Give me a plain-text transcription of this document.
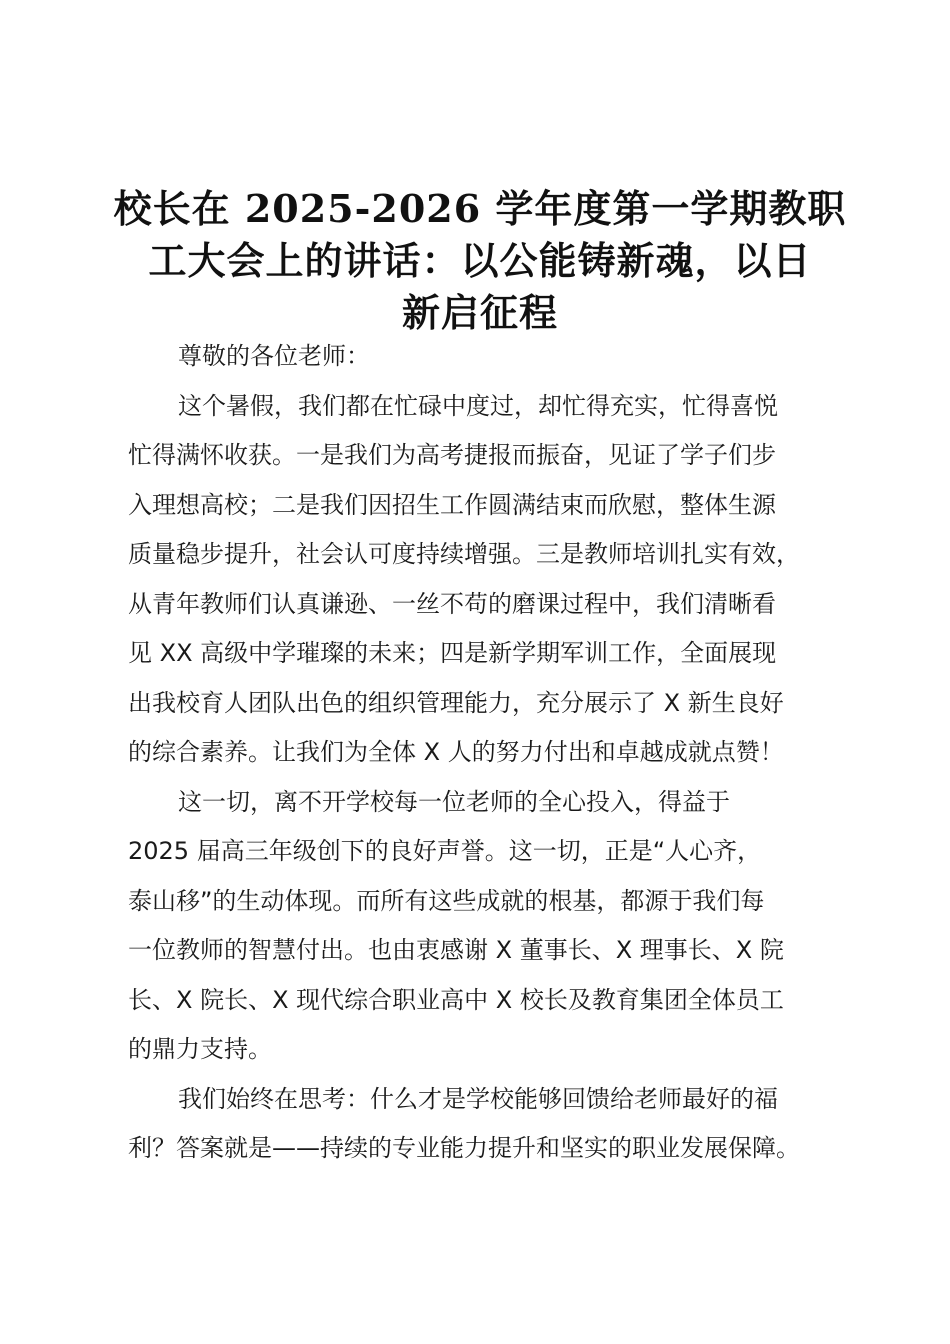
校长在 2025-2026 学年度第一学期教职
工大会上的讲话：以公能铸新魂，以日
新启征程
尊敬的各位老师：
这个暑假，我们都在忙碌中度过，却忙得充实，忙得喜悦
忙得满怀收获。一是我们为高考捷报而振奋，见证了学子们步
入理想高校；二是我们因招生工作圆满结束而欣慰，整体生源
质量稳步提升，社会认可度持续增强。三是教师培训扎实有效，
从青年教师们认真谦逊、一丝不苟的磨课过程中，我们清晰看
见 XX 高级中学璀璨的未来；四是新学期军训工作，全面展现
出我校育人团队出色的组织管理能力，充分展示了 X 新生良好
的综合素养。让我们为全体 X 人的努力付出和卓越成就点赞！
这一切，离不开学校每一位老师的全心投入，得益于
2025 届高三年级创下的良好声誉。这一切，正是“人心齐，
泰山移”的生动体现。而所有这些成就的根基，都源于我们每
一位教师的智慧付出。也由衷感谢 X 董事长、X 理事长、X 院
长、X 院长、X 现代综合职业高中 X 校长及教育集团全体员工
的鼎力支持。
我们始终在思考：什么才是学校能够回馈给老师最好的福
利？答案就是——持续的专业能力提升和坚实的职业发展保障。
